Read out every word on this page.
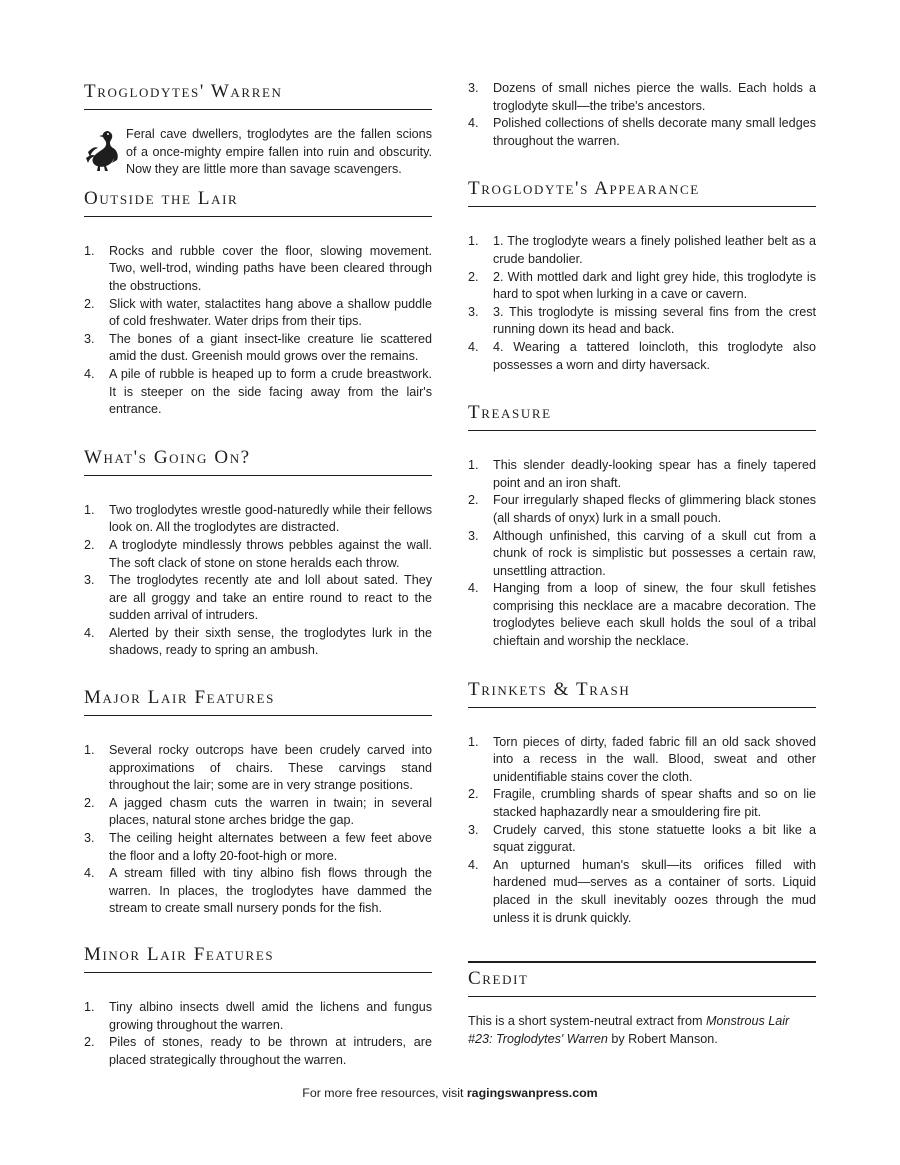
Troglodytes' Warren

Feral cave dwellers, troglodytes are the fallen scions of a once-mighty empire fallen into ruin and obscurity. Now they are little more than savage scavengers.

Outside the Lair
1. Rocks and rubble cover the floor, slowing movement. Two, well-trod, winding paths have been cleared through the obstructions.
2. Slick with water, stalactites hang above a shallow puddle of cold freshwater. Water drips from their tips.
3. The bones of a giant insect-like creature lie scattered amid the dust. Greenish mould grows over the remains.
4. A pile of rubble is heaped up to form a crude breastwork. It is steeper on the side facing away from the lair's entrance.
What's Going On?
1. Two troglodytes wrestle good-naturedly while their fellows look on. All the troglodytes are distracted.
2. A troglodyte mindlessly throws pebbles against the wall. The soft clack of stone on stone heralds each throw.
3. The troglodytes recently ate and loll about sated. They are all groggy and take an entire round to react to the sudden arrival of intruders.
4. Alerted by their sixth sense, the troglodytes lurk in the shadows, ready to spring an ambush.
Major Lair Features
1. Several rocky outcrops have been crudely carved into approximations of chairs. These carvings stand throughout the lair; some are in very strange positions.
2. A jagged chasm cuts the warren in twain; in several places, natural stone arches bridge the gap.
3. The ceiling height alternates between a few feet above the floor and a lofty 20-foot-high or more.
4. A stream filled with tiny albino fish flows through the warren. In places, the troglodytes have dammed the stream to create small nursery ponds for the fish.
Minor Lair Features
1. Tiny albino insects dwell amid the lichens and fungus growing throughout the warren.
2. Piles of stones, ready to be thrown at intruders, are placed strategically throughout the warren.
3. Dozens of small niches pierce the walls. Each holds a troglodyte skull—the tribe's ancestors.
4. Polished collections of shells decorate many small ledges throughout the warren.
Troglodyte's Appearance
1. 1. The troglodyte wears a finely polished leather belt as a crude bandolier.
2. 2. With mottled dark and light grey hide, this troglodyte is hard to spot when lurking in a cave or cavern.
3. 3. This troglodyte is missing several fins from the crest running down its head and back.
4. 4. Wearing a tattered loincloth, this troglodyte also possesses a worn and dirty haversack.
Treasure
1. This slender deadly-looking spear has a finely tapered point and an iron shaft.
2. Four irregularly shaped flecks of glimmering black stones (all shards of onyx) lurk in a small pouch.
3. Although unfinished, this carving of a skull cut from a chunk of rock is simplistic but possesses a certain raw, unsettling attraction.
4. Hanging from a loop of sinew, the four skull fetishes comprising this necklace are a macabre decoration. The troglodytes believe each skull holds the soul of a tribal chieftain and worship the necklace.
Trinkets & Trash
1. Torn pieces of dirty, faded fabric fill an old sack shoved into a recess in the wall. Blood, sweat and other unidentifiable stains cover the cloth.
2. Fragile, crumbling shards of spear shafts and so on lie stacked haphazardly near a smouldering fire pit.
3. Crudely carved, this stone statuette looks a bit like a squat ziggurat.
4. An upturned human's skull—its orifices filled with hardened mud—serves as a container of sorts. Liquid placed in the skull inevitably oozes through the mud unless it is drunk quickly.
Credit

This is a short system-neutral extract from Monstrous Lair #23: Troglodytes' Warren by Robert Manson.

For more free resources, visit ragingswanpress.com
